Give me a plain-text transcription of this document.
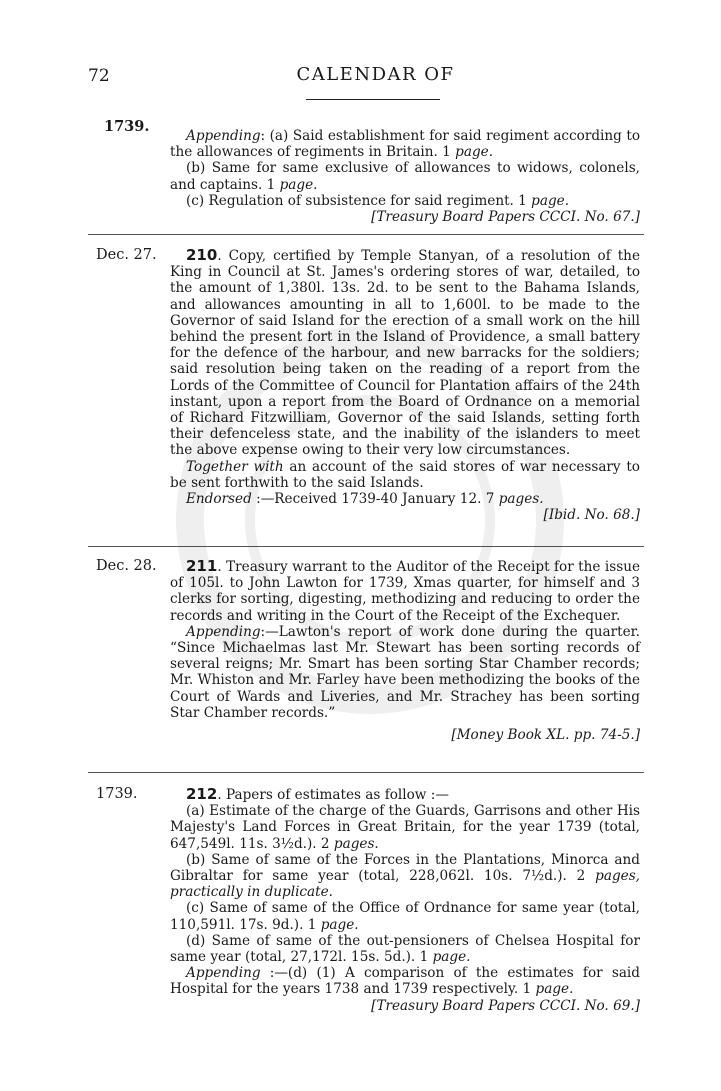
72	CALENDAR OF
1739.

Appending: (a) Said establishment for said regiment according to the allowances of regiments in Britain. 1 page.

(b) Same for same exclusive of allowances to widows, colonels, and captains. 1 page.

(c) Regulation of subsistence for said regiment. 1 page.

[Treasury Board Papers CCCI. No. 67.]

Dec. 27.	210. Copy, certified by Temple Stanyan, of a resolution of the King in Council at St. James's ordering stores of war, detailed, to the amount of 1,380l. 13s. 2d. to be sent to the Bahama Islands, and allowances amounting in all to 1,600l. to be made to the Governor of said Island for the erection of a small work on the hill behind the present fort in the Island of Providence, a small battery for the defence of the harbour, and new barracks for the soldiers; said resolution being taken on the reading of a report from the Lords of the Committee of Council for Plantation affairs of the 24th instant, upon a report from the Board of Ordnance on a memorial of Richard Fitzwilliam, Governor of the said Islands, setting forth their defenceless state, and the inability of the islanders to meet the above expense owing to their very low circumstances.

Together with an account of the said stores of war necessary to be sent forthwith to the said Islands.

Endorsed :—Received 1739-40 January 12. 7 pages.

[Ibid. No. 68.]

Dec. 28.	211. Treasury warrant to the Auditor of the Receipt for the issue of 105l. to John Lawton for 1739, Xmas quarter, for himself and 3 clerks for sorting, digesting, methodizing and reducing to order the records and writing in the Court of the Receipt of the Exchequer.

Appending:—Lawton's report of work done during the quarter. “Since Michaelmas last Mr. Stewart has been sorting records of several reigns; Mr. Smart has been sorting Star Chamber records; Mr. Whiston and Mr. Farley have been methodizing the books of the Court of Wards and Liveries, and Mr. Strachey has been sorting Star Chamber records.”

[Money Book XL. pp. 74-5.]

1739.	212. Papers of estimates as follow :—

(a) Estimate of the charge of the Guards, Garrisons and other His Majesty's Land Forces in Great Britain, for the year 1739 (total, 647,549l. 11s. 3½d.). 2 pages.

(b) Same of same of the Forces in the Plantations, Minorca and Gibraltar for same year (total, 228,062l. 10s. 7½d.). 2 pages, practically in duplicate.

(c) Same of same of the Office of Ordnance for same year (total, 110,591l. 17s. 9d.). 1 page.

(d) Same of same of the out-pensioners of Chelsea Hospital for same year (total, 27,172l. 15s. 5d.). 1 page.

Appending :—(d) (1) A comparison of the estimates for said Hospital for the years 1738 and 1739 respectively. 1 page.

[Treasury Board Papers CCCI. No. 69.]
